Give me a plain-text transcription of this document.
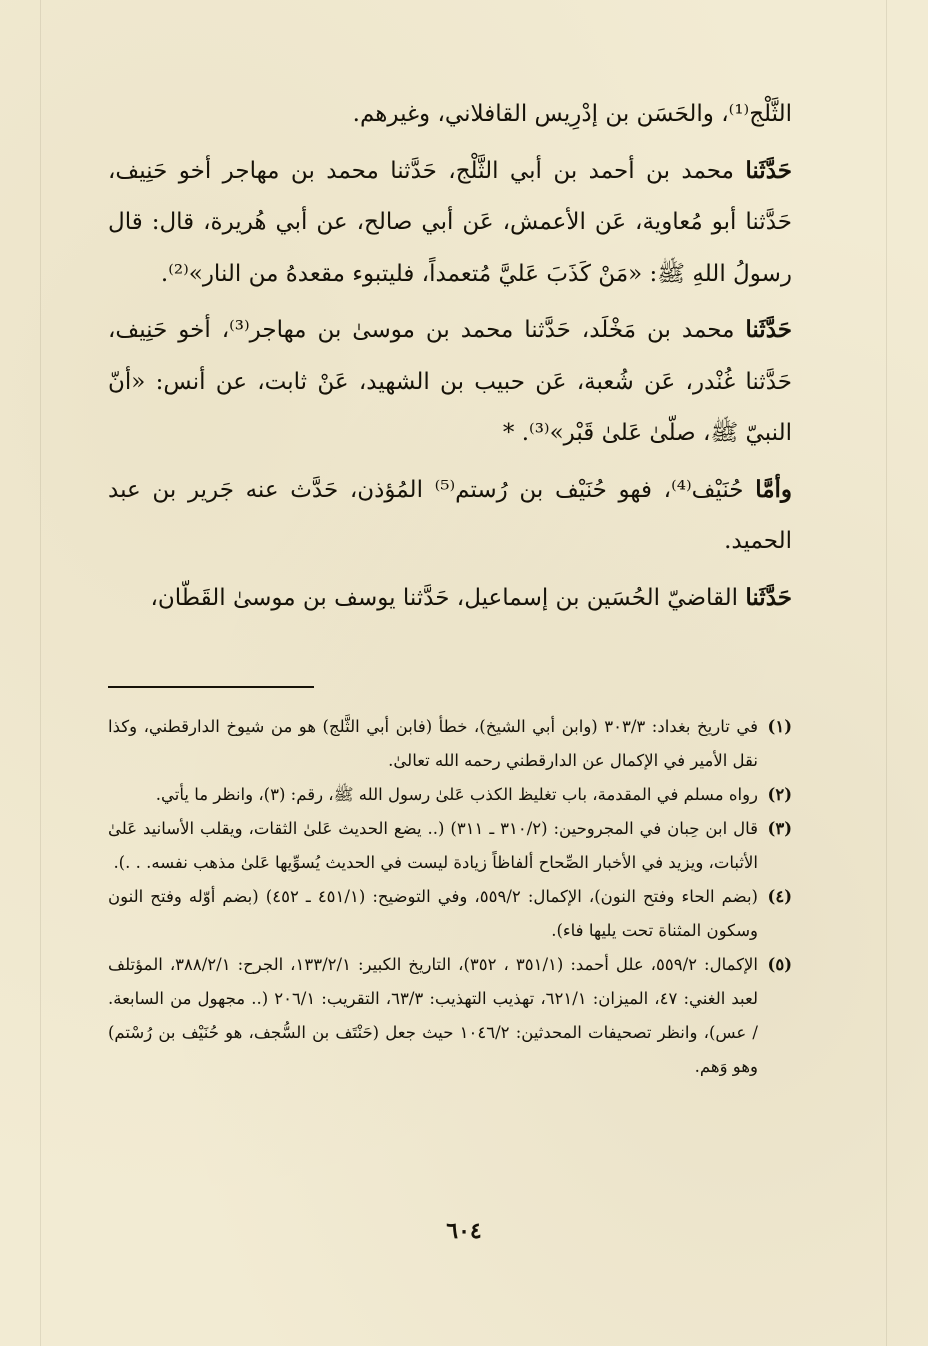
الثَّلْج⁽¹⁾، والحَسَن بن إدْرِيس القافلاني، وغيرهم.

حَدَّثَنا محمد بن أحمد بن أبي الثَّلْج، حَدَّثنا محمد بن مهاجر أخو حَنِيف، حَدَّثنا أبو مُعاوية، عَن الأعمش، عَن أبي صالح، عن أبي هُريرة، قال: قال رسولُ اللهِ ﷺ: «مَنْ كَذَبَ عَليَّ مُتعمداً، فليتبوء مقعدهُ من النار»⁽²⁾.

حَدَّثَنا محمد بن مَخْلَد، حَدَّثنا محمد بن موسىٰ بن مهاجر⁽³⁾، أخو حَنِيف، حَدَّثنا غُنْدر، عَن شُعبة، عَن حبيب بن الشهيد، عَنْ ثابت، عن أنس: «أنّ النبيّ ﷺ، صلّىٰ عَلىٰ قَبْر»⁽³⁾. *

وأمَّا حُنَيْف⁽⁴⁾، فهو حُنَيْف بن رُستم⁽⁵⁾ المُؤذن، حَدَّث عنه جَرير بن عبد الحميد.

حَدَّثَنا القاضيّ الحُسَين بن إسماعيل، حَدَّثنا يوسف بن موسىٰ القَطّان،

(١)
في تاريخ بغداد: ٣٠٣/٣ (وابن أبي الشيخ)، خطأ (فابن أبي الثَّلج) هو من شيوخ الدارقطني، وكذا نقل الأمير في الإكمال عن الدارقطني رحمه الله تعالىٰ.
(٢)
رواه مسلم في المقدمة، باب تغليظ الكذب عَلىٰ رسول الله ﷺ، رقم: (٣)، وانظر ما يأتي.
(٣)
قال ابن حِبان في المجروحين: (٣١٠/٢ ـ ٣١١) (.. يضع الحديث عَلىٰ الثقات، ويقلب الأسانيد عَلىٰ الأثبات، ويزيد في الأخبار الصِّحاح ألفاظاً زيادة ليست في الحديث يُسوِّيها عَلىٰ مذهب نفسه. . .).
(٤)
(بضم الحاء وفتح النون)، الإكمال: ٥٥٩/٢، وفي التوضيح: (٤٥١/١ ـ ٤٥٢) (بضم أوّله وفتح النون وسكون المثناة تحت يليها فاء).
(٥)
الإكمال: ٥٥٩/٢، علل أحمد: (٣٥١/١ ، ٣٥٢)، التاريخ الكبير: ١٣٣/٢/١، الجرح: ٣٨٨/٢/١، المؤتلف لعبد الغني: ٤٧، الميزان: ٦٢١/١، تهذيب التهذيب: ٦٣/٣، التقريب: ٢٠٦/١ (.. مجهول من السابعة. / عس)، وانظر تصحيفات المحدثين: ١٠٤٦/٢ حيث جعل (حَنْتَف بن السُّجف، هو حُنَيْف بن رُسْتم) وهو وَهم.
٦٠٤
